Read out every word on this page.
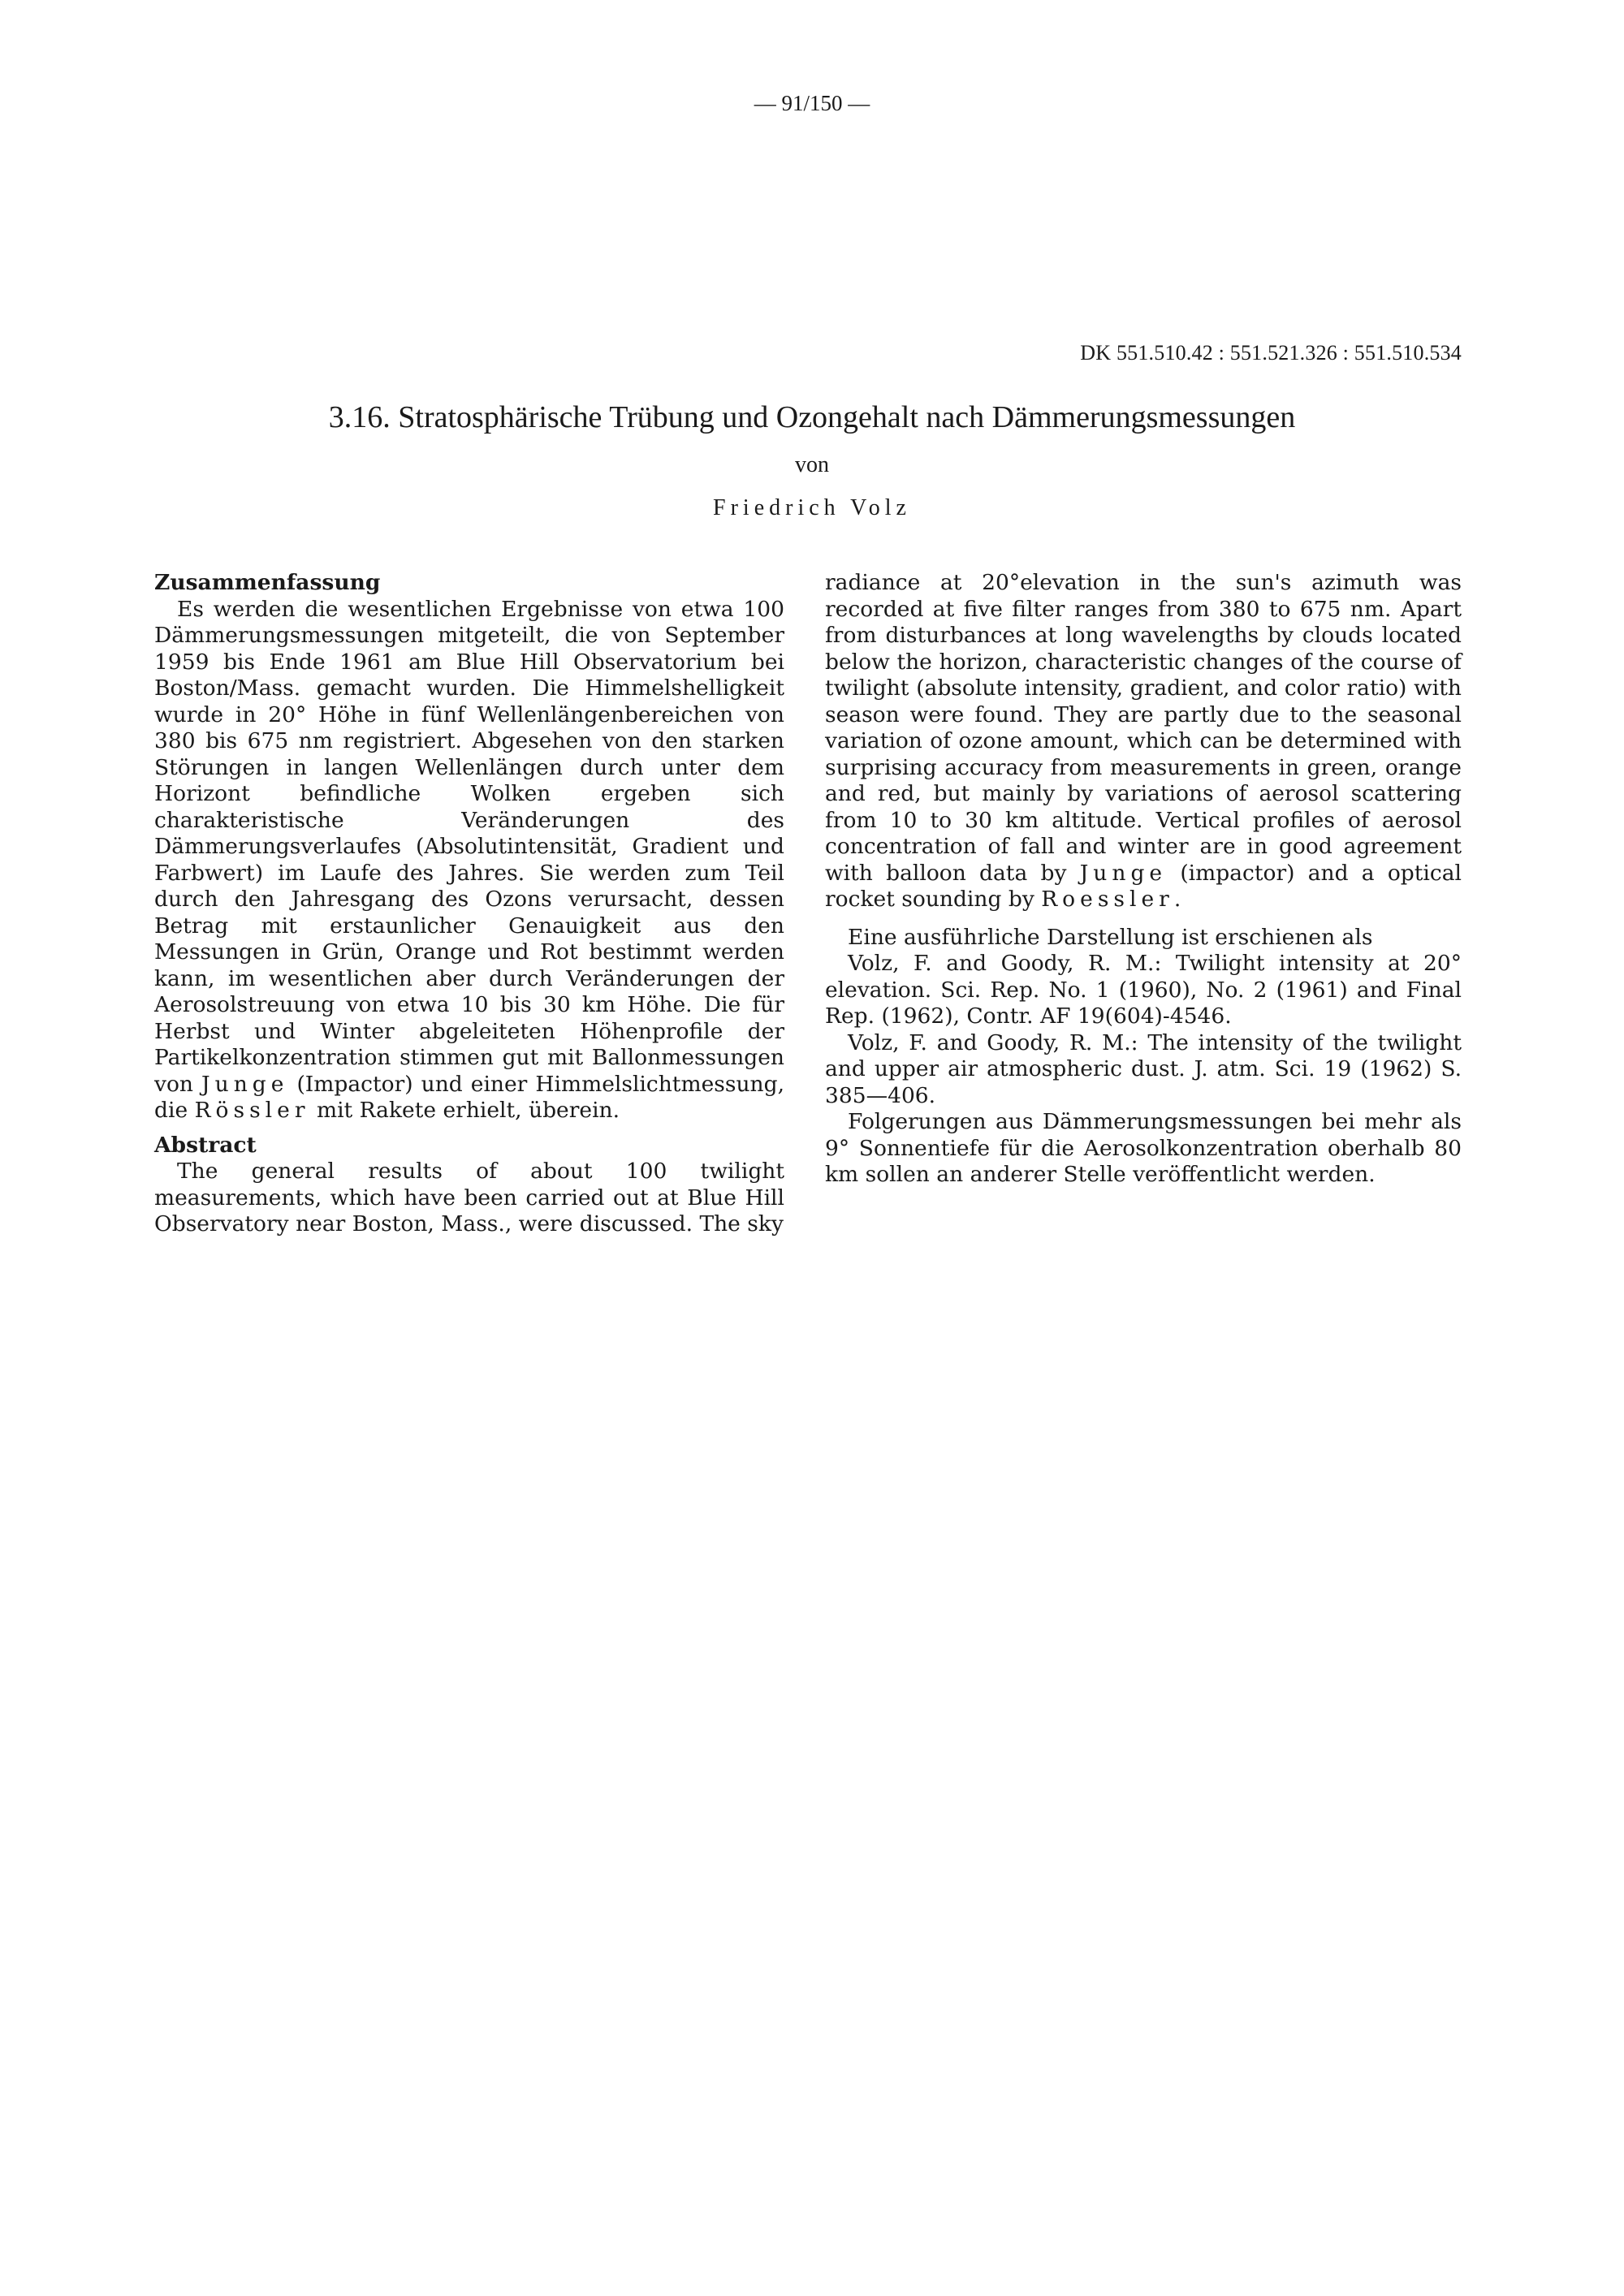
— 91/150 —
DK 551.510.42 : 551.521.326 : 551.510.534
3.16. Stratosphärische Trübung und Ozongehalt nach Dämmerungsmessungen
von
Friedrich Volz
Zusammenfassung

Es werden die wesentlichen Ergebnisse von etwa 100 Dämmerungsmessungen mitgeteilt, die von September 1959 bis Ende 1961 am Blue Hill Observatorium bei Boston/Mass. gemacht wurden. Die Himmelshelligkeit wurde in 20° Höhe in fünf Wellenlängenbereichen von 380 bis 675 nm registriert. Abgesehen von den starken Störungen in langen Wellenlängen durch unter dem Horizont befindliche Wolken ergeben sich charakteristische Veränderungen des Dämmerungsverlaufes (Absolutintensität, Gradient und Farbwert) im Laufe des Jahres. Sie werden zum Teil durch den Jahresgang des Ozons verursacht, dessen Betrag mit erstaunlicher Genauigkeit aus den Messungen in Grün, Orange und Rot bestimmt werden kann, im wesentlichen aber durch Veränderungen der Aerosolstreuung von etwa 10 bis 30 km Höhe. Die für Herbst und Winter abgeleiteten Höhenprofile der Partikelkonzentration stimmen gut mit Ballonmessungen von Junge (Impactor) und einer Himmelslichtmessung, die Rössler mit Rakete erhielt, überein.

Abstract

The general results of about 100 twilight measurements, which have been carried out at Blue Hill Observatory near Boston, Mass., were discussed. The sky

radiance at 20°elevation in the sun's azimuth was recorded at five filter ranges from 380 to 675 nm. Apart from disturbances at long wavelengths by clouds located below the horizon, characteristic changes of the course of twilight (absolute intensity, gradient, and color ratio) with season were found. They are partly due to the seasonal variation of ozone amount, which can be determined with surprising accuracy from measurements in green, orange and red, but mainly by variations of aerosol scattering from 10 to 30 km altitude. Vertical profiles of aerosol concentration of fall and winter are in good agreement with balloon data by Junge (impactor) and a optical rocket sounding by Roessler.

Eine ausführliche Darstellung ist erschienen als

Volz, F. and Goody, R. M.: Twilight intensity at 20° elevation. Sci. Rep. No. 1 (1960), No. 2 (1961) and Final Rep. (1962), Contr. AF 19(604)-4546.

Volz, F. and Goody, R. M.: The intensity of the twilight and upper air atmospheric dust. J. atm. Sci. 19 (1962) S. 385—406.

Folgerungen aus Dämmerungsmessungen bei mehr als 9° Sonnentiefe für die Aerosolkonzentration oberhalb 80 km sollen an anderer Stelle veröffentlicht werden.
